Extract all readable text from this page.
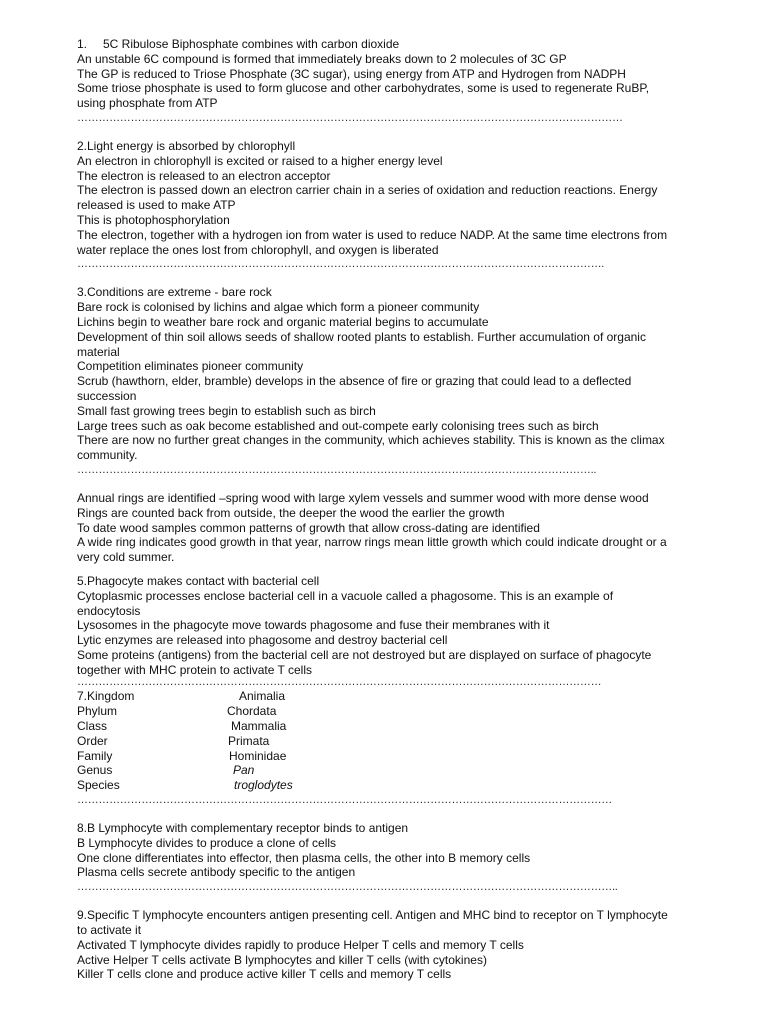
1. 5C Ribulose Biphosphate combines with carbon dioxide
An unstable 6C compound is formed that immediately breaks down to 2 molecules of 3C GP
The GP is reduced to Triose Phosphate (3C sugar), using energy from ATP and Hydrogen from NADPH
Some triose phosphate is used to form glucose and other carbohydrates, some is used to regenerate RuBP,
using phosphate from ATP
………………………………………………………………………………………………………………………………………
2.Light energy is absorbed by chlorophyll
An electron in chlorophyll is excited or raised to a higher energy level
The electron is released to an electron acceptor
The electron is passed down an electron carrier chain in a series of oxidation and reduction reactions. Energy
released is used to make ATP
This is photophosphorylation
The electron, together with a hydrogen ion from water is used to reduce NADP. At the same time electrons from
water replace the ones lost from chlorophyll, and oxygen is liberated
………………………………………………………………………………………………………………………………….
3.Conditions are extreme - bare rock
Bare rock is colonised by lichins and algae which form a pioneer community
Lichins begin to weather bare rock and organic material begins to accumulate
Development of thin soil allows seeds of shallow rooted plants to establish. Further accumulation of organic
material
Competition eliminates pioneer community
Scrub (hawthorn, elder, bramble) develops in the absence of fire or grazing that could lead to a deflected
succession
Small fast growing trees begin to establish such as birch
Large trees such as oak become established and out-compete early colonising trees such as birch
There are now no further great changes in the community, which achieves stability. This is known as the climax
community.
………………………………………………………………………………………………………………………………..
Annual rings are identified –spring wood with large xylem vessels and summer wood with more dense wood
Rings are counted back from outside, the deeper the wood the earlier the growth
To date wood samples common patterns of growth that allow cross-dating are identified
A wide ring indicates good growth in that year, narrow rings mean little growth which could indicate drought or a
very cold summer.
5.Phagocyte makes contact with bacterial cell
Cytoplasmic processes enclose bacterial cell in a vacuole called a phagosome. This is an example of
endocytosis
Lysosomes in the phagocyte move towards phagosome and fuse their membranes with it
Lytic enzymes are released into phagosome and destroy bacterial cell
Some proteins (antigens) from the bacterial cell are not destroyed but are displayed on surface of phagocyte
together with MHC protein to activate T cells
…………………………………………………………………………………………………………………………………
7.Kingdom	Animalia
Phylum	Chordata
Class	Mammalia
Order	Primata
Family	Hominidae
Genus	Pan
Species	troglodytes
……………………………………………………………………………………………………………………………………
8.B Lymphocyte with complementary receptor binds to antigen
B Lymphocyte divides to produce a clone of cells
One clone differentiates into effector, then plasma cells, the other into B memory cells
Plasma cells secrete antibody specific to the antigen
……………………………………………………………………………………………………………………………………..
9.Specific T lymphocyte encounters antigen presenting cell. Antigen and MHC bind to receptor on T lymphocyte
to activate it
Activated T lymphocyte divides rapidly to produce Helper T cells and memory T cells
Active Helper T cells activate B lymphocytes and killer T cells (with cytokines)
Killer T cells clone and produce active killer T cells and memory T cells
